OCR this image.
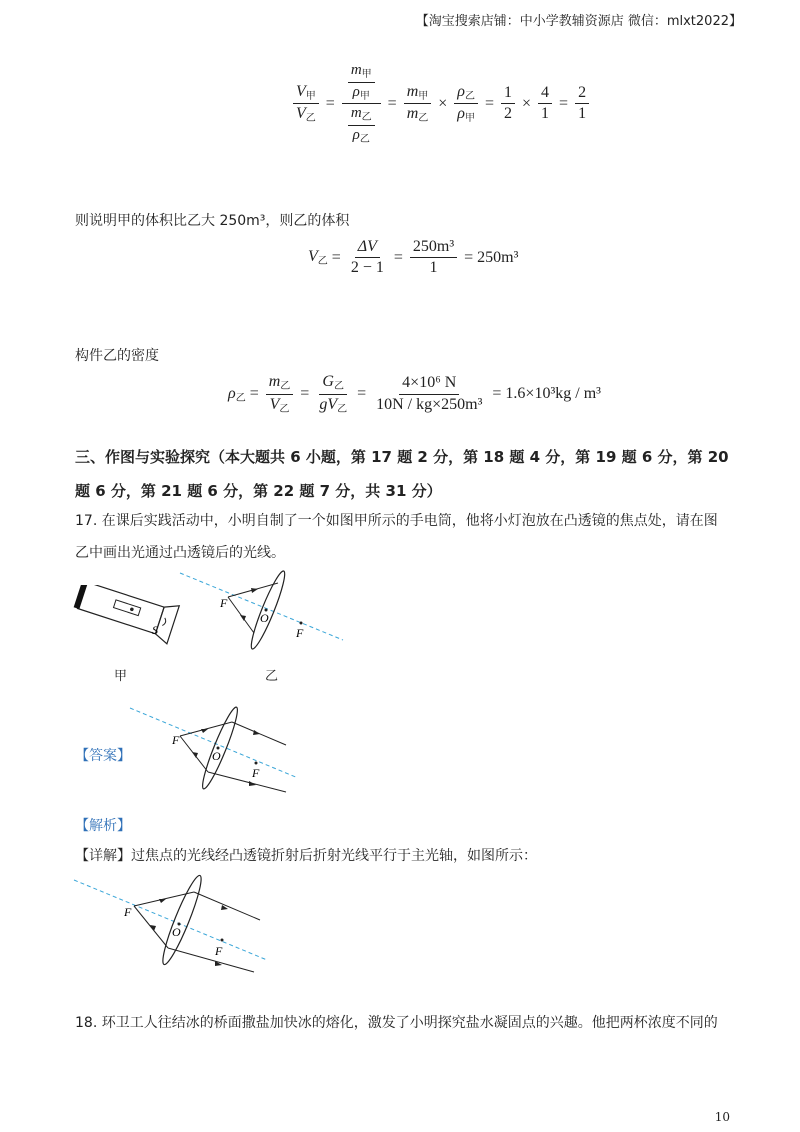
【淘宝搜索店铺：中小学教辅资源店 微信：mlxt2022】
$\frac{V_甲}{V_乙} = \frac{\frac{m_甲}{\rho_甲}}{\frac{m_乙}{\rho_乙}} = \frac{m_甲}{m_乙} \times \frac{\rho_乙}{\rho_甲} = \frac{1}{2} \times \frac{4}{1} = \frac{2}{1}$
则说明甲的体积比乙大 250m³，则乙的体积
$V_乙 = \frac{\Delta V}{2 - 1} = \frac{\text{250m³}}{1} = 250m^3$
构件乙的密度
$\rho_乙 = \frac{m_乙}{V_乙} = \frac{G_乙}{gV_乙} = \frac{\text{4×10⁶ N}}{\text{10N / kg×250m³}} = 1.6\times 10^3kg / m^3$
三、作图与实验探究（本大题共 6 小题，第 17 题 2 分，第 18 题 4 分，第 19 题 6 分，第 20 题 6 分，第 21 题 6 分，第 22 题 7 分，共 31 分）
17. 在课后实践活动中，小明自制了一个如图甲所示的手电筒，他将小灯泡放在凸透镜的焦点处，请在图
乙中画出光通过凸透镜后的光线。
S
甲
F
O
F
乙
【答案】
F
O
F
【解析】
【详解】过焦点的光线经凸透镜折射后折射光线平行于主光轴，如图所示：
F
O
F
18. 环卫工人往结冰的桥面撒盐加快冰的熔化，激发了小明探究盐水凝固点的兴趣。他把两杯浓度不同的
10
